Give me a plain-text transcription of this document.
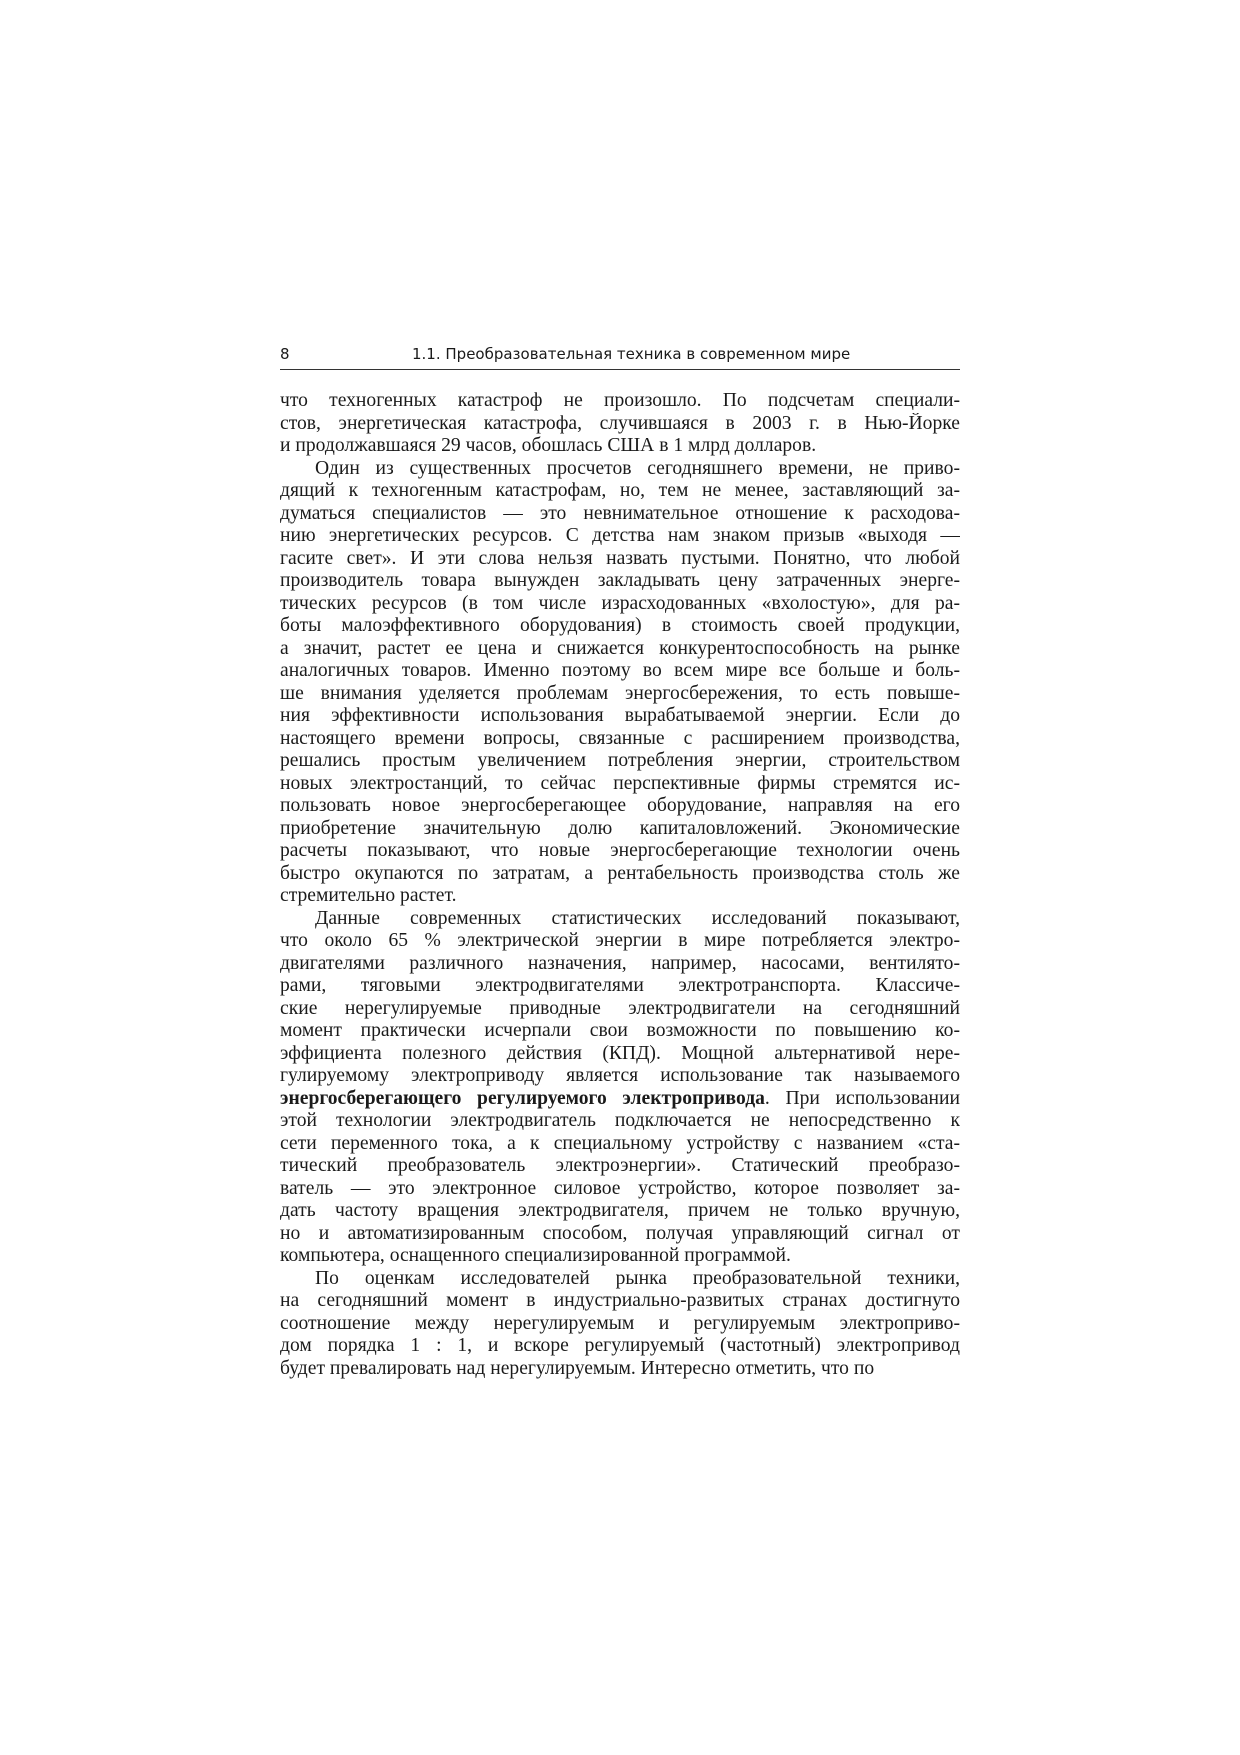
8	1.1. Преобразовательная техника в современном мире
что техногенных катастроф не произошло. По подсчетам специали-
стов, энергетическая катастрофа, случившаяся в 2003 г. в Нью-Йорке
и продолжавшаяся 29 часов, обошлась США в 1 млрд долларов.
Один из существенных просчетов сегодняшнего времени, не приво-
дящий к техногенным катастрофам, но, тем не менее, заставляющий за-
думаться специалистов — это невнимательное отношение к расходова-
нию энергетических ресурсов. С детства нам знаком призыв «выходя —
гасите свет». И эти слова нельзя назвать пустыми. Понятно, что любой
производитель товара вынужден закладывать цену затраченных энерге-
тических ресурсов (в том числе израсходованных «вхолостую», для ра-
боты малоэффективного оборудования) в стоимость своей продукции,
а значит, растет ее цена и снижается конкурентоспособность на рынке
аналогичных товаров. Именно поэтому во всем мире все больше и боль-
ше внимания уделяется проблемам энергосбережения, то есть повыше-
ния эффективности использования вырабатываемой энергии. Если до
настоящего времени вопросы, связанные с расширением производства,
решались простым увеличением потребления энергии, строительством
новых электростанций, то сейчас перспективные фирмы стремятся ис-
пользовать новое энергосберегающее оборудование, направляя на его
приобретение значительную долю капиталовложений. Экономические
расчеты показывают, что новые энергосберегающие технологии очень
быстро окупаются по затратам, а рентабельность производства столь же
стремительно растет.
Данные современных статистических исследований показывают,
что около 65 % электрической энергии в мире потребляется электро-
двигателями различного назначения, например, насосами, вентилято-
рами, тяговыми электродвигателями электротранспорта. Классиче-
ские нерегулируемые приводные электродвигатели на сегодняшний
момент практически исчерпали свои возможности по повышению ко-
эффициента полезного действия (КПД). Мощной альтернативой нере-
гулируемому электроприводу является использование так называемого
энергосберегающего регулируемого электропривода. При использовании
этой технологии электродвигатель подключается не непосредственно к
сети переменного тока, а к специальному устройству с названием «ста-
тический преобразователь электроэнергии». Статический преобразо-
ватель — это электронное силовое устройство, которое позволяет за-
дать частоту вращения электродвигателя, причем не только вручную,
но и автоматизированным способом, получая управляющий сигнал от
компьютера, оснащенного специализированной программой.
По оценкам исследователей рынка преобразовательной техники,
на сегодняшний момент в индустриально-развитых странах достигнуто
соотношение между нерегулируемым и регулируемым электроприво-
дом порядка 1 : 1, и вскоре регулируемый (частотный) электропривод
будет превалировать над нерегулируемым. Интересно отметить, что по
